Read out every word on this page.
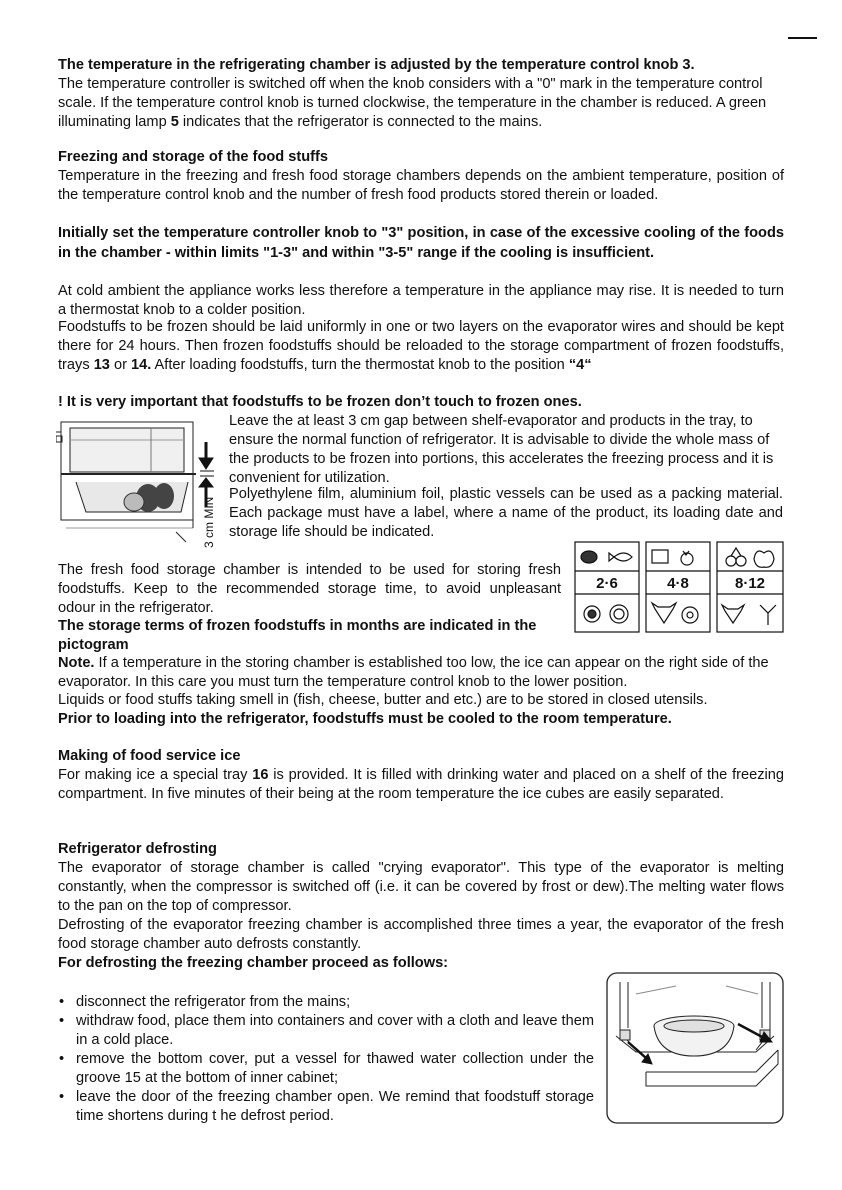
The temperature in the refrigerating chamber is adjusted by the temperature control knob 3.
The temperature controller is switched off when the knob considers with a "0" mark in the temperature control scale. If the temperature control knob is turned clockwise, the temperature in the chamber is reduced. A green illuminating lamp 5 indicates that the refrigerator is connected to the mains.

Freezing and storage of the food stuffs

Temperature in the freezing and fresh food storage chambers depends on the ambient temperature, position of the temperature control knob and the number of fresh food products stored therein or loaded.

Initially set the temperature controller knob to "3" position, in case of the excessive cooling of the foods in the chamber - within limits "1-3" and within "3-5" range if the cooling is insufficient.

At cold ambient the appliance works less therefore a temperature in the appliance may rise. It is needed to turn a thermostat knob to a colder position.

Foodstuffs to be frozen should be laid uniformly in one or two layers on the evaporator wires and should be kept there for 24 hours. Then frozen foodstuffs should be reloaded to the storage compartment of frozen foodstuffs, trays 13 or 14. After loading foodstuffs, turn the thermostat knob to the position “4“

! It is very important that foodstuffs to be frozen don’t touch to frozen ones.

3 cm MIN

Leave the at least 3 cm gap between shelf-evaporator and products in the tray, to ensure the normal function of refrigerator. It is advisable to divide the whole mass of the products to be frozen into portions, this accelerates the freezing process and it is convenient for utilization.

Polyethylene film, aluminium foil, plastic vessels can be used as a packing material. Each package must have a label, where a name of the product, its loading date and storage life should be indicated.

The fresh food storage chamber is intended to be used for storing fresh foodstuffs. Keep to the recommended storage time, to avoid unpleasant odour in the refrigerator.

The storage terms of frozen foodstuffs in months are indicated in the pictogram

2·6	4·8	8·12

Note. If a temperature in the storing chamber is established too low, the ice can appear on the right side of the evaporator. In this care you must turn the temperature control knob to the lower position.

Liquids or food stuffs taking smell in (fish, cheese, butter and etc.) are to be stored in closed utensils.

Prior to loading into the refrigerator, foodstuffs must be cooled to the room temperature.

Making of food service ice

For making ice a special tray 16 is provided. It is filled with drinking water and placed on a shelf of the freezing compartment. In five minutes of their being at the room temperature the ice cubes are easily separated.

Refrigerator defrosting

The evaporator of storage chamber is called "crying evaporator". This type of the evaporator is melting constantly, when the compressor is switched off (i.e. it can be covered by frost or dew).The melting water flows to the pan on the top of compressor.

Defrosting of the evaporator freezing chamber is accomplished three times a year, the evaporator of the fresh food storage chamber auto defrosts constantly.

For defrosting the freezing chamber proceed as follows:

• disconnect the refrigerator from the mains;
• withdraw food, place them into containers and cover with a cloth and leave them in a cold place.
• remove the bottom cover, put a vessel for thawed water collection under the groove 15 at the bottom of inner cabinet;
• leave the door of the freezing chamber open. We remind that foodstuff storage time shortens during t he defrost period.
